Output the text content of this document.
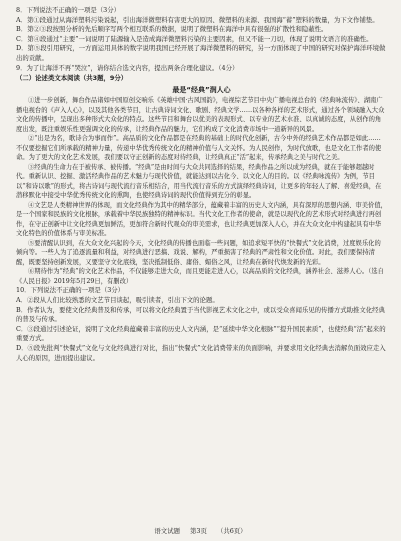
8．下列说法不正确的一项是（3分）

A．第①段通过从海洋塑料污染说起，引出海洋微塑料有害更大的原因、微塑料的来源、我国海“蓄”塑料的数量，为下文作铺垫。

B．第②③段按照分析的先后顺序写两个相互联系的数据，说明了微塑料在海洋中具有很强的扩散性和隐蔽性。

C．第④段通过“主要”一词说明了陆源输入是造成海洋微塑料污染的主要因素，但又不能一刀切，体现了说明文语言的准确性。

D．第⑤段引用研究，一方面运用具体的数字说明我国已经开展了海洋微塑料的研究，另一方面体现了中国的研究对保护海洋环境做出的贡献。

9．为了让海洋不再“哭泣”，请你结合选文内容，提出两条合理化建议。（4分）

（二）论述类文本阅读（共3题，9分）

最是“经典”润人心

①进一步创新，舞台作品诸如中国原创交响乐《英雄中国·古风国韵》，电视综艺节目中央广播电视总台的《经典咏流传》、湖南广播电视台的《声入人心》，以及其他各类节目，让古典诗词文化、歌剧、经典文学……以各种各样的艺术形式，通过各个领域融入大众文化的传播中，呈现出多种形式大众化的特点。这些节目和舞台以优美的表现形式、以专业的艺术水准、以真诚的态度，从创作的角度出发，既注重娱乐性更强调文化的传承，让经典作品的魅力，它们构成了文化消费市场中一道新异的风景。

②“出是为名，歌诗合为事而作”。高品质的文化作品都是在经典的基础上的时代化创新，古今中外的经典艺术作品都是如此……不仅要挖掘它们所承载的精神力量，传递中华优秀传统文化的精神价值与人文关怀。为人民创作，为时代放歌，也是文化工作者的使命。为了更大的文化艺术发展，我们要以守正创新的态度对待经典，让经典真正“活”起来，传承经典之美与时代之美。

③经典的生命力在于被传承、被传播。“经典”是由时间与大众共同选择的结果，经典作品之所以成为经典，就在于能够超越时代。重新认识、挖掘、激活经典作品的艺术魅力与现代价值，就能达到以古化今、以文化人的目的。以《经典咏流传》为例，节目以“和诗以歌”的形式，将古诗词与现代流行音乐相结合，用当代流行音乐的方式演绎经典诗词，让更多的年轻人了解、喜爱经典，在潜移默化中接受中华优秀传统文化的熏陶，也使经典诗词的现代价值得到充分的彰显。

④文艺是人类精神世界的体现，而文化经典作为其中的精华部分，蕴藏着丰富的历史人文内涵，具有深厚的思想内涵、审美价值，是一个国家和民族的文化根脉，承载着中华民族独特的精神标识。当代文化工作者的使命，就是以现代化的艺术形式对经典进行再创作，在守正创新中让文化经典更加鲜活，更加符合新时代观众的审美需求，也让经典更加深入人心，并在大众文化中构建起具有中华文化特色的价值体系与审美标准。

⑤要清醒认识到，在大众文化兴起的今天，文化经典的传播也面临一些问题，如追求短平快的“快餐式”文化消费，过度娱乐化的倾向等。一些人为了追逐流量和利益，对经典进行恶搞、戏说、解构，严重损害了经典的严肃性和文化价值。对此，我们要保持清醒，既要坚持创新发展，又要坚守文化底线，坚决抵制低俗、庸俗、媚俗之风，让经典在新时代焕发新的光彩。

⑥期待作为“经典”的文化艺术作品，不仅能够走进大众，而且更能走进人心，以高品质的文化经典，涵养社会、滋养人心。（选自《人民日报》2019年5月29日，有删改）

10．下列说法不正确的一项是（3分）

A．②段从人们比较熟悉的文艺节目谈起，吸引读者，引出下文的论题。

B．作者认为，要使文化经典普及和传承，可以将文化经典置于当代影视艺术文化之中，或以受众喜闻乐见的传播方式助推文化经典的普及与传承。

C．③段通过引述论证，说明了文化经典蕴藏着丰富的历史人文内涵，是“延续中华文化根脉”“提升国民素质”，也使经典“活”起来的重要方式。

D．⑤段先批判“快餐式”文化与文化经典进行对比，指出“快餐式”文化消费带来的负面影响，并要求用文化经典去消解负面效应走入人心的原因，进而提出建议。

语文试题 第3页 （共6页）
